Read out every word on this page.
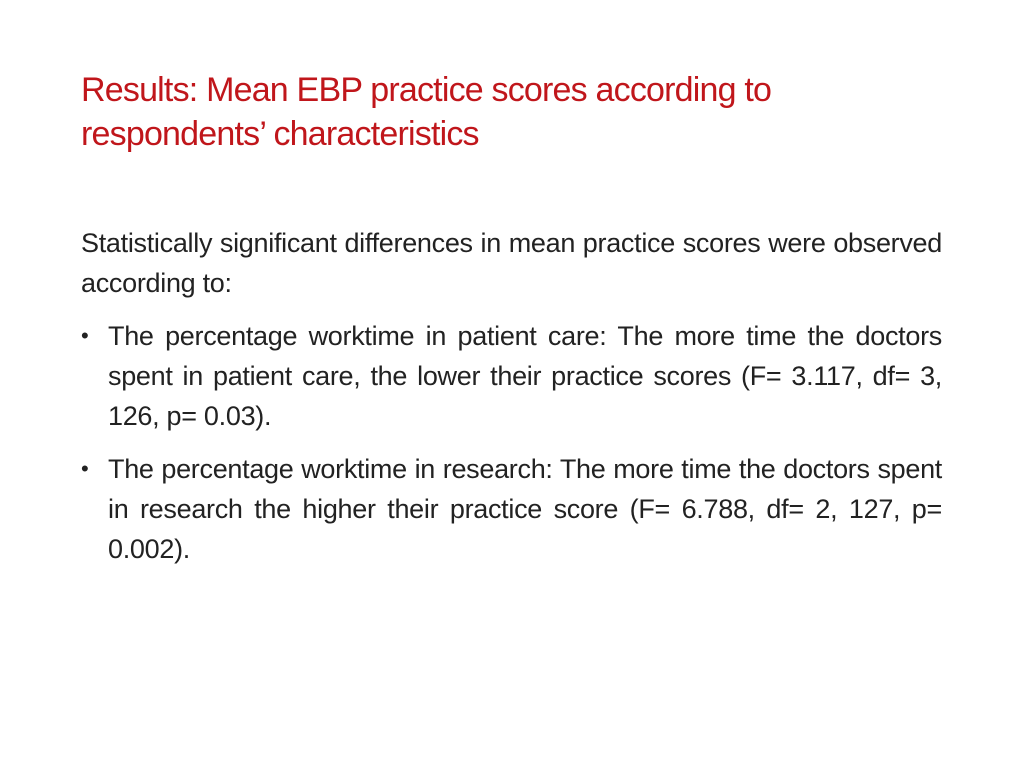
Results: Mean EBP practice scores according to respondents’ characteristics

Statistically significant differences in mean practice scores were observed according to:

• The percentage worktime in patient care: The more time the doctors spent in patient care, the lower their practice scores (F= 3.117, df= 3, 126, p= 0.03).
• The percentage worktime in research: The more time the doctors spent in research the higher their practice score (F= 6.788, df= 2, 127, p= 0.002).
